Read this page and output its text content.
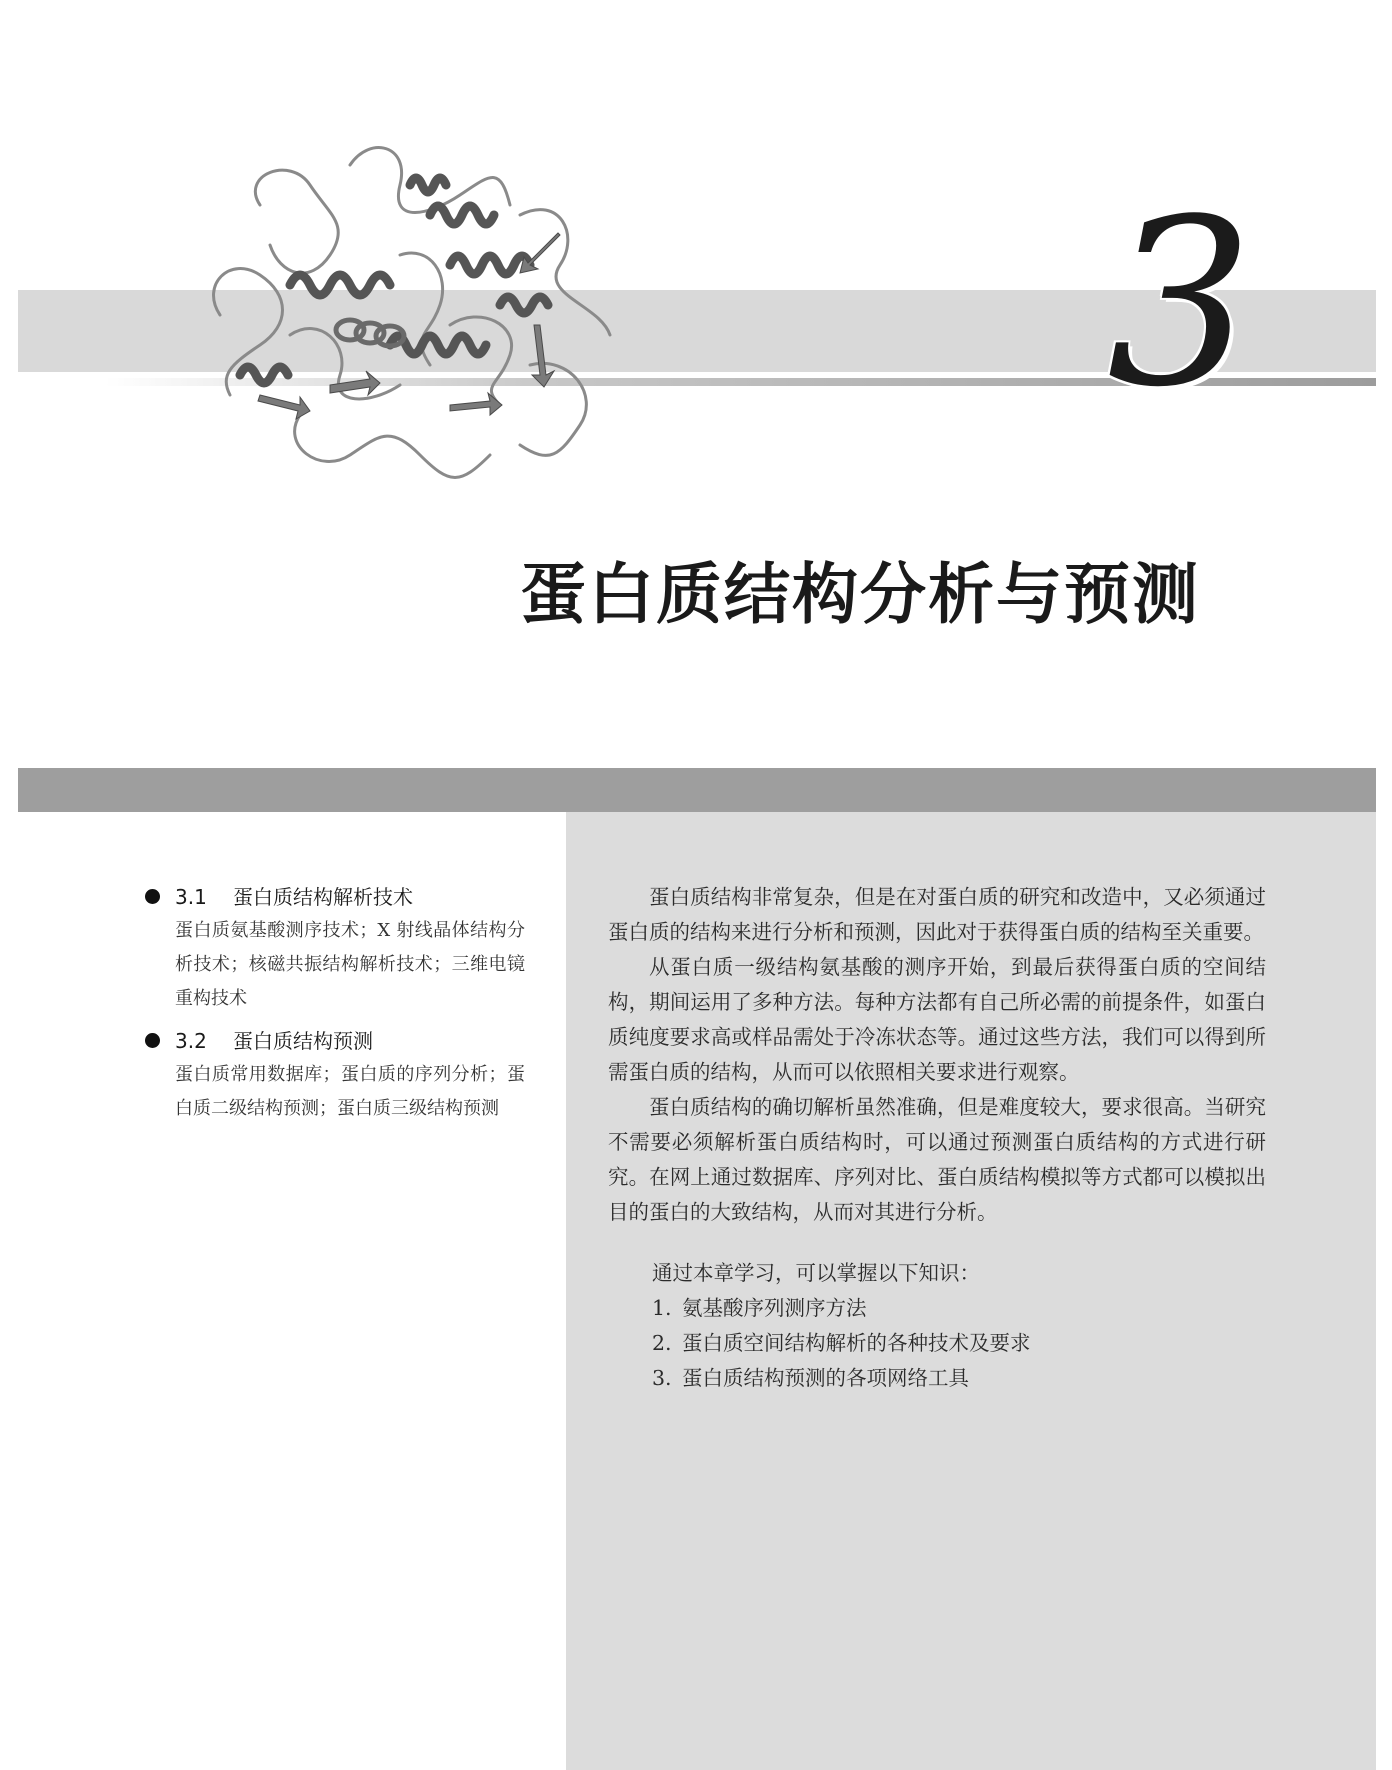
3
蛋白质结构分析与预测
3.1 蛋白质结构解析技术
蛋白质氨基酸测序技术；X 射线晶体结构分析技术；核磁共振结构解析技术；三维电镜重构技术
3.2 蛋白质结构预测
蛋白质常用数据库；蛋白质的序列分析；蛋白质二级结构预测；蛋白质三级结构预测

蛋白质结构非常复杂，但是在对蛋白质的研究和改造中，又必须通过蛋白质的结构来进行分析和预测，因此对于获得蛋白质的结构至关重要。

从蛋白质一级结构氨基酸的测序开始，到最后获得蛋白质的空间结构，期间运用了多种方法。每种方法都有自己所必需的前提条件，如蛋白质纯度要求高或样品需处于冷冻状态等。通过这些方法，我们可以得到所需蛋白质的结构，从而可以依照相关要求进行观察。

蛋白质结构的确切解析虽然准确，但是难度较大，要求很高。当研究不需要必须解析蛋白质结构时，可以通过预测蛋白质结构的方式进行研究。在网上通过数据库、序列对比、蛋白质结构模拟等方式都可以模拟出目的蛋白的大致结构，从而对其进行分析。

通过本章学习，可以掌握以下知识：
1. 氨基酸序列测序方法
2. 蛋白质空间结构解析的各种技术及要求
3. 蛋白质结构预测的各项网络工具
